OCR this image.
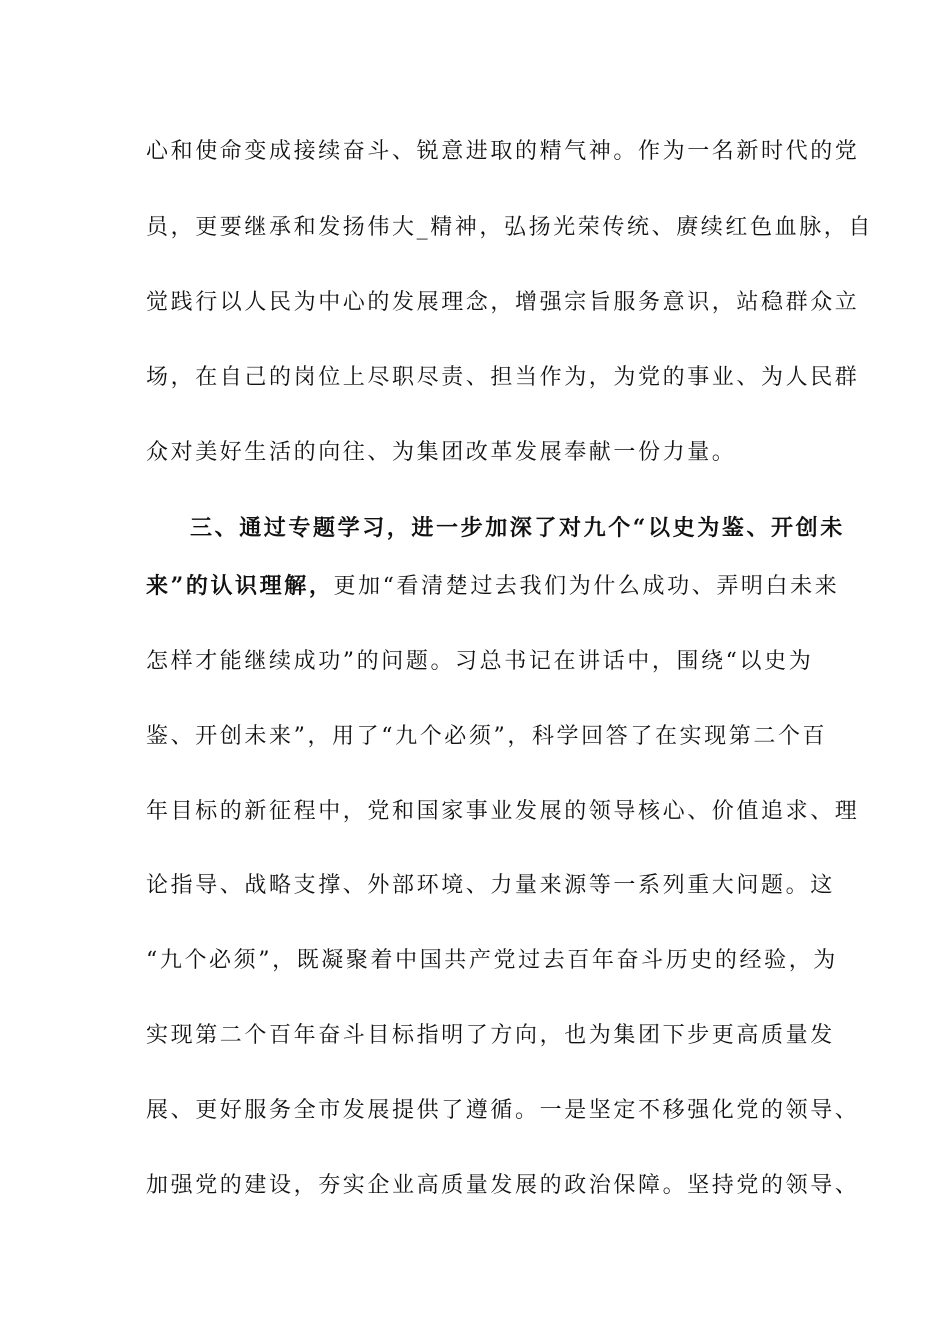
心和使命变成接续奋斗、锐意进取的精气神。作为一名新时代的党
员，更要继承和发扬伟大_精神，弘扬光荣传统、赓续红色血脉，自
觉践行以人民为中心的发展理念，增强宗旨服务意识，站稳群众立
场，在自己的岗位上尽职尽责、担当作为，为党的事业、为人民群
众对美好生活的向往、为集团改革发展奉献一份力量。
三、通过专题学习，进一步加深了对九个“以史为鉴、开创未
来”的认识理解，更加“看清楚过去我们为什么成功、弄明白未来
怎样才能继续成功”的问题。习总书记在讲话中，围绕“以史为
鉴、开创未来”，用了“九个必须”，科学回答了在实现第二个百
年目标的新征程中，党和国家事业发展的领导核心、价值追求、理
论指导、战略支撑、外部环境、力量来源等一系列重大问题。这
“九个必须”，既凝聚着中国共产党过去百年奋斗历史的经验，为
实现第二个百年奋斗目标指明了方向，也为集团下步更高质量发
展、更好服务全市发展提供了遵循。一是坚定不移强化党的领导、
加强党的建设，夯实企业高质量发展的政治保障。坚持党的领导、
